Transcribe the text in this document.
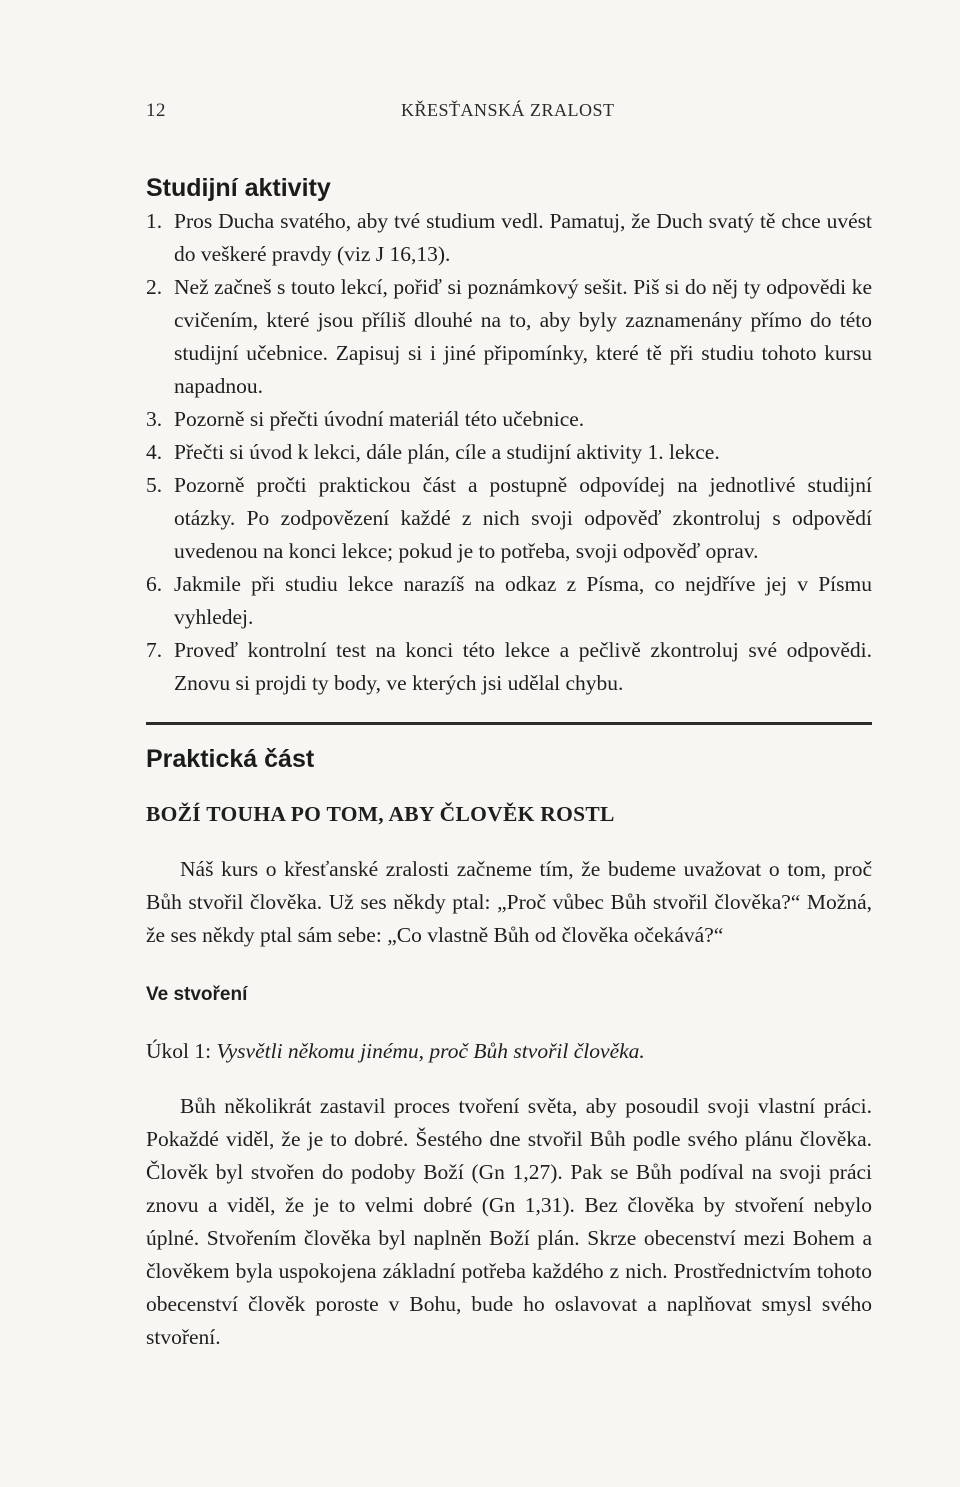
12	KŘESŤANSKÁ ZRALOST
Studijní aktivity
1. Pros Ducha svatého, aby tvé studium vedl. Pamatuj, že Duch svatý tě chce uvést do veškeré pravdy (viz J 16,13).
2. Než začneš s touto lekcí, pořiď si poznámkový sešit. Piš si do něj ty odpovědi ke cvičením, které jsou příliš dlouhé na to, aby byly zaznamenány přímo do této studijní učebnice. Zapisuj si i jiné připomínky, které tě při studiu tohoto kursu napadnou.
3. Pozorně si přečti úvodní materiál této učebnice.
4. Přečti si úvod k lekci, dále plán, cíle a studijní aktivity 1. lekce.
5. Pozorně pročti praktickou část a postupně odpovídej na jednotlivé studijní otázky. Po zodpovězení každé z nich svoji odpověď zkontroluj s odpovědí uvedenou na konci lekce; pokud je to potřeba, svoji odpověď oprav.
6. Jakmile při studiu lekce narazíš na odkaz z Písma, co nejdříve jej v Písmu vyhledej.
7. Proveď kontrolní test na konci této lekce a pečlivě zkontroluj své odpovědi. Znovu si projdi ty body, ve kterých jsi udělal chybu.
Praktická část
BOŽÍ TOUHA PO TOM, ABY ČLOVĚK ROSTL

Náš kurs o křesťanské zralosti začneme tím, že budeme uvažovat o tom, proč Bůh stvořil člověka. Už ses někdy ptal: „Proč vůbec Bůh stvořil člověka?“ Možná, že ses někdy ptal sám sebe: „Co vlastně Bůh od člověka očekává?“

Ve stvoření

Úkol 1: Vysvětli někomu jinému, proč Bůh stvořil člověka.

Bůh několikrát zastavil proces tvoření světa, aby posoudil svoji vlastní práci. Pokaždé viděl, že je to dobré. Šestého dne stvořil Bůh podle svého plánu člověka. Člověk byl stvořen do podoby Boží (Gn 1,27). Pak se Bůh podíval na svoji práci znovu a viděl, že je to velmi dobré (Gn 1,31). Bez člověka by stvoření nebylo úplné. Stvořením člověka byl naplněn Boží plán. Skrze obecenství mezi Bohem a člověkem byla uspokojena základní potřeba každého z nich. Prostřednictvím tohoto obecenství člověk poroste v Bohu, bude ho oslavovat a naplňovat smysl svého stvoření.
